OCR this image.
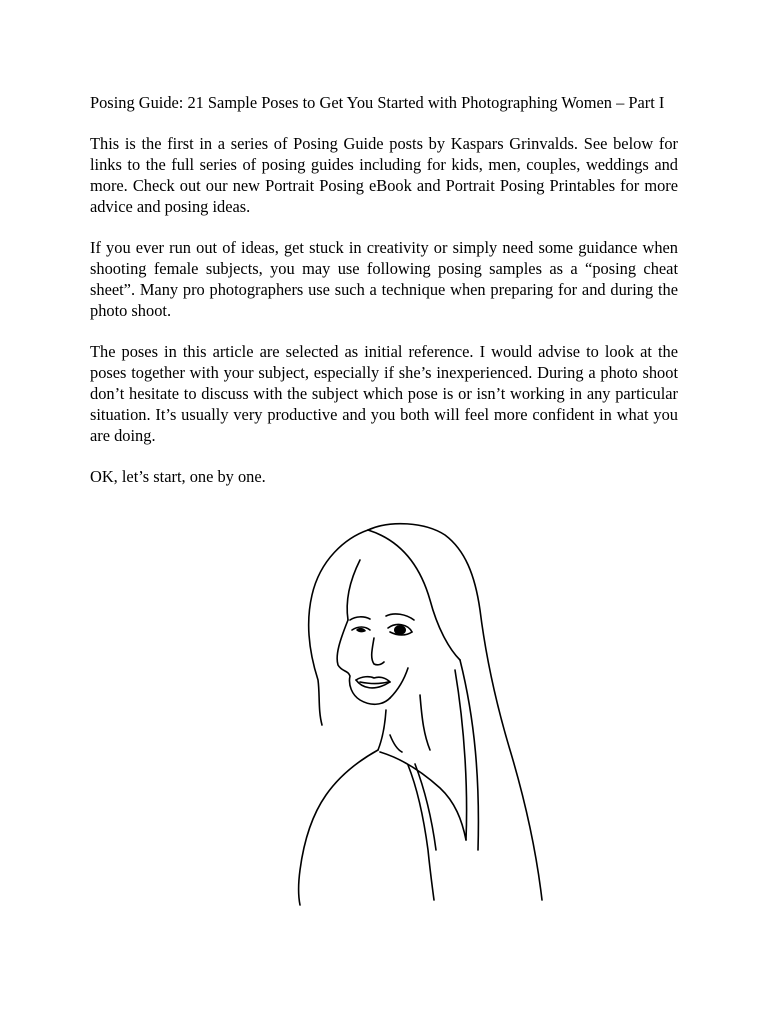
Posing Guide: 21 Sample Poses to Get You Started with Photographing Women – Part I

This is the first in a series of Posing Guide posts by Kaspars Grinvalds. See below for links to the full series of posing guides including for kids, men, couples, weddings and more. Check out our new Portrait Posing eBook and Portrait Posing Printables for more advice and posing ideas.

If you ever run out of ideas, get stuck in creativity or simply need some guidance when shooting female subjects, you may use following posing samples as a “posing cheat sheet”. Many pro photographers use such a technique when preparing for and during the photo shoot.

The poses in this article are selected as initial reference. I would advise to look at the poses together with your subject, especially if she’s inexperienced. During a photo shoot don’t hesitate to discuss with the subject which pose is or isn’t working in any particular situation. It’s usually very productive and you both will feel more confident in what you are doing.

OK, let’s start, one by one.
